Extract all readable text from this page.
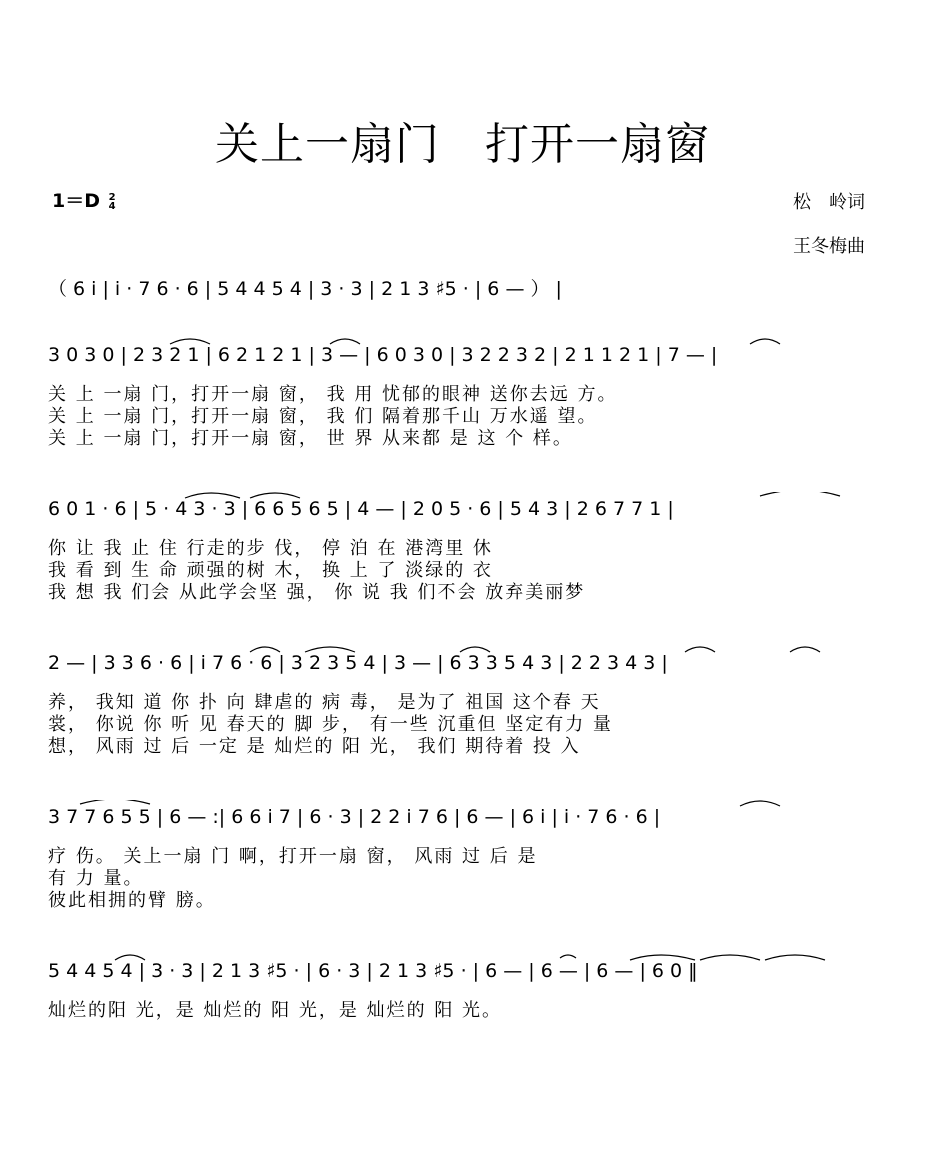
关上一扇门　打开一扇窗
1＝D 2
4	松　岭词
王冬梅曲
（ 6 i | i · 7 6 · 6 | 5 4 4 5 4 | 3 · 3 | 2 1 3 ♯5 · | 6 — ） |
3 0 3 0 | 2 3 2 1 | 6 2 1 2 1 | 3 — | 6 0 3 0 | 3 2 2 3 2 | 2 1 1 2 1 | 7 — |
关 上 一扇 门，打开一扇 窗， 我 用 忧郁的眼神 送你去远 方。
关 上 一扇 门，打开一扇 窗， 我 们 隔着那千山 万水遥 望。
关 上 一扇 门，打开一扇 窗， 世 界 从来都 是 这 个 样。
6 0 1 · 6 | 5 · 4 3 · 3 | 6 6 5 6 5 | 4 — | 2 0 5 · 6 | 5 4 3 | 2 6 7 7 1 |
你 让 我 止 住 行走的步 伐， 停 泊 在 港湾里 休
我 看 到 生 命 顽强的树 木， 换 上 了 淡绿的 衣
我 想 我 们会 从此学会坚 强， 你 说 我 们不会 放弃美丽梦
2 — | 3 3 6 · 6 | i 7 6 · 6 | 3 2 3 5 4 | 3 — | 6 3 3 5 4 3 | 2 2 3 4 3 |
养， 我知 道 你 扑 向 肆虐的 病 毒， 是为了 祖国 这个春 天
裳， 你说 你 听 见 春天的 脚 步， 有一些 沉重但 坚定有力 量
想， 风雨 过 后 一定 是 灿烂的 阳 光， 我们 期待着 投 入
3 7 7 6 5 5 | 6 — :| 6 6 i 7 | 6 · 3 | 2 2 i 7 6 | 6 — | 6 i | i · 7 6 · 6 |
疗 伤。 关上一扇 门 啊，打开一扇 窗， 风雨 过 后 是
有 力 量。
彼此相拥的臂 膀。
5 4 4 5 4 | 3 · 3 | 2 1 3 ♯5 · | 6 · 3 | 2 1 3 ♯5 · | 6 — | 6 — | 6 — | 6 0 ‖
灿烂的阳 光，是 灿烂的 阳 光，是 灿烂的 阳 光。
